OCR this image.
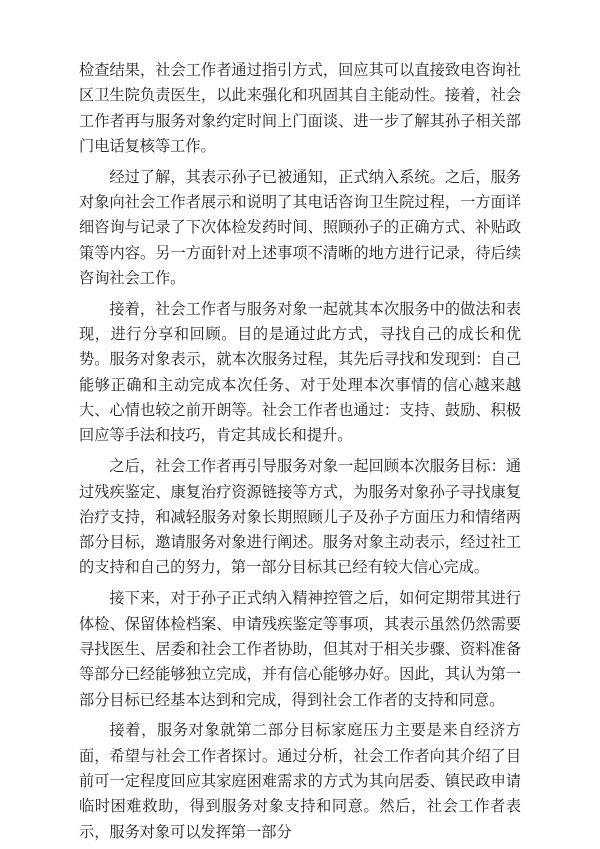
检查结果，社会工作者通过指引方式，回应其可以直接致电咨询社区卫生院负责医生，以此来强化和巩固其自主能动性。接着，社会工作者再与服务对象约定时间上门面谈、进一步了解其孙子相关部门电话复核等工作。

经过了解，其表示孙子已被通知，正式纳入系统。之后，服务对象向社会工作者展示和说明了其电话咨询卫生院过程，一方面详细咨询与记录了下次体检发药时间、照顾孙子的正确方式、补贴政策等内容。另一方面针对上述事项不清晰的地方进行记录，待后续咨询社会工作。

接着，社会工作者与服务对象一起就其本次服务中的做法和表现，进行分享和回顾。目的是通过此方式，寻找自己的成长和优势。服务对象表示，就本次服务过程，其先后寻找和发现到：自己能够正确和主动完成本次任务、对于处理本次事情的信心越来越大、心情也较之前开朗等。社会工作者也通过：支持、鼓励、积极回应等手法和技巧，肯定其成长和提升。

之后，社会工作者再引导服务对象一起回顾本次服务目标：通过残疾鉴定、康复治疗资源链接等方式，为服务对象孙子寻找康复治疗支持，和减轻服务对象长期照顾儿子及孙子方面压力和情绪两部分目标，邀请服务对象进行阐述。服务对象主动表示，经过社工的支持和自己的努力，第一部分目标其已经有较大信心完成。

接下来，对于孙子正式纳入精神控管之后，如何定期带其进行体检、保留体检档案、申请残疾鉴定等事项，其表示虽然仍然需要寻找医生、居委和社会工作者协助，但其对于相关步骤、资料准备等部分已经能够独立完成，并有信心能够办好。因此，其认为第一部分目标已经基本达到和完成，得到社会工作者的支持和同意。

接着，服务对象就第二部分目标家庭压力主要是来自经济方面，希望与社会工作者探讨。通过分析，社会工作者向其介绍了目前可一定程度回应其家庭困难需求的方式为其向居委、镇民政申请临时困难救助，得到服务对象支持和同意。然后，社会工作者表示，服务对象可以发挥第一部分
